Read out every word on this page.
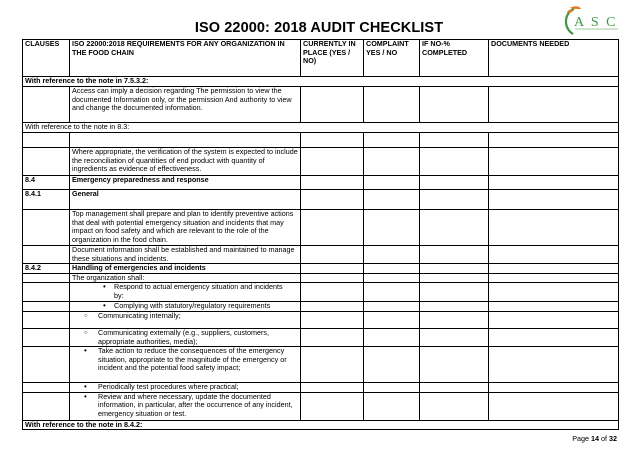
ISO 22000: 2018 AUDIT CHECKLIST	A S C
CLAUSES	ISO 22000:2018 REQUIREMENTS FOR ANY ORGANIZATION IN THE FOOD CHAIN	CURRENTLY IN PLACE (YES / NO)	COMPLAINT YES / NO	IF NO-% COMPLETED	DOCUMENTS NEEDED
With reference to the note in 7.5.3.2:					
	Access can imply a decision regarding The permission to view the documented Information only, or the permission And authority to view and change the documented information.				
With reference to the note in 8.3:					

	Where appropriate, the verification of the system is expected to include the reconciliation of quantities of end product with quantity of ingredients as evidence of effectiveness.				
8.4	Emergency preparedness and response				
8.4.1	General				
	Top management shall prepare and plan to identify preventive actions that deal with potential emergency situation and incidents that may impact on food safety and which are relevant to the role of the organization in the food chain.				
	Document information shall be established and maintained to manage these situations and incidents.				
8.4.2	Handling of emergencies and incidents				
	The organization shall:				
	• Respond to actual emergency situation and incidents by:				
	• Complying with statutory/regulatory requirements				
	○ Communicating internally;				
	○ Communicating externally (e.g., suppliers, customers, appropriate authorities, media);				
	• Take action to reduce the consequences of the emergency situation, appropriate to the magnitude of the emergency or incident and the potential food safety impact;				
	• Periodically test procedures where practical;				
	• Review and where necessary, update the documented information, in particular, after the occurrence of any incident, emergency situation or test.				
With reference to the note in 8.4.2:					
Page 14 of 32
